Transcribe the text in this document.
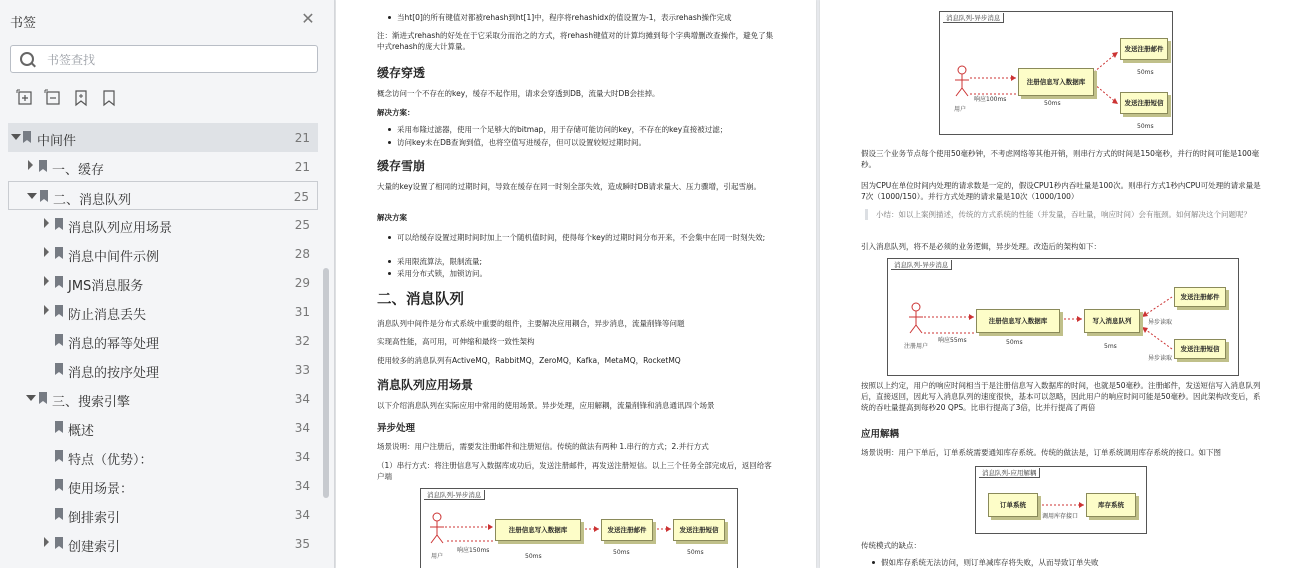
书签	✕
书签查找
中间件	21
一、缓存	21
二、消息队列	25
消息队列应用场景	25
消息中间件示例	28
JMS消息服务	29
防止消息丢失	31
消息的幂等处理	32
消息的按序处理	33
三、搜索引擎	34
概述	34
特点（优势）：	34
使用场景：	34
倒排索引	34
创建索引	35
当ht[0]的所有键值对都被rehash到ht[1]中，程序将rehashidx的值设置为-1，表示rehash操作完成
注：渐进式rehash的好处在于它采取分而治之的方式，将rehash键值对的计算均摊到每个字典增删改查操作，避免了集中式rehash的庞大计算量。
缓存穿透
概念访问一个不存在的key，缓存不起作用，请求会穿透到DB，流量大时DB会挂掉。
解决方案：
采用布隆过滤器，使用一个足够大的bitmap，用于存储可能访问的key，不存在的key直接被过滤；
访问key未在DB查询到值，也将空值写进缓存，但可以设置较短过期时间。
缓存雪崩
大量的key设置了相同的过期时间，导致在缓存在同一时刻全部失效，造成瞬时DB请求量大、压力骤增，引起雪崩。
解决方案
可以给缓存设置过期时间时加上一个随机值时间，使得每个key的过期时间分布开来，不会集中在同一时刻失效;
采用限流算法，限制流量;
采用分布式锁，加锁访问。
二、消息队列
消息队列中间件是分布式系统中重要的组件，主要解决应用耦合，异步消息，流量削锋等问题
实现高性能，高可用，可伸缩和最终一致性架构
使用较多的消息队列有ActiveMQ，RabbitMQ，ZeroMQ，Kafka，MetaMQ，RocketMQ
消息队列应用场景
以下介绍消息队列在实际应用中常用的使用场景。异步处理，应用解耦，流量削锋和消息通讯四个场景
异步处理
场景说明：用户注册后，需要发注册邮件和注册短信。传统的做法有两种 1.串行的方式；2.并行方式
（1）串行方式：将注册信息写入数据库成功后，发送注册邮件，再发送注册短信。以上三个任务全部完成后，返回给客户端
消息队列-异步消息
注册信息写入数据库	发送注册邮件	发送注册短信
响应150ms
用户	50ms
50ms	50ms
消息队列-异步消息
注册信息写入数据库
发送注册邮件
发送注册短信
50ms
50ms
50ms
响应100ms
用户
假设三个业务节点每个使用50毫秒钟，不考虑网络等其他开销，则串行方式的时间是150毫秒，并行的时间可能是100毫秒。
因为CPU在单位时间内处理的请求数是一定的，假设CPU1秒内吞吐量是100次。则串行方式1秒内CPU可处理的请求量是7次（1000/150）。并行方式处理的请求量是10次（1000/100）
小结：如以上案例描述，传统的方式系统的性能（并发量，吞吐量，响应时间）会有瓶颈。如何解决这个问题呢？
引入消息队列，将不是必须的业务逻辑，异步处理。改造后的架构如下：
消息队列-异步消息
注册信息写入数据库	写入消息队列
发送注册邮件
发送注册短信
异步读取
异步读取
50ms
5ms
响应55ms
注册用户
按照以上约定，用户的响应时间相当于是注册信息写入数据库的时间，也就是50毫秒。注册邮件，发送短信写入消息队列后，直接返回，因此写入消息队列的速度很快，基本可以忽略，因此用户的响应时间可能是50毫秒。因此架构改变后，系统的吞吐量提高到每秒20 QPS。比串行提高了3倍，比并行提高了两倍
应用解耦
场景说明：用户下单后，订单系统需要通知库存系统。传统的做法是，订单系统调用库存系统的接口。如下图
消息队列-应用解耦
订单系统	库存系统
调用库存接口
传统模式的缺点：
假如库存系统无法访问，则订单减库存将失败，从而导致订单失败
